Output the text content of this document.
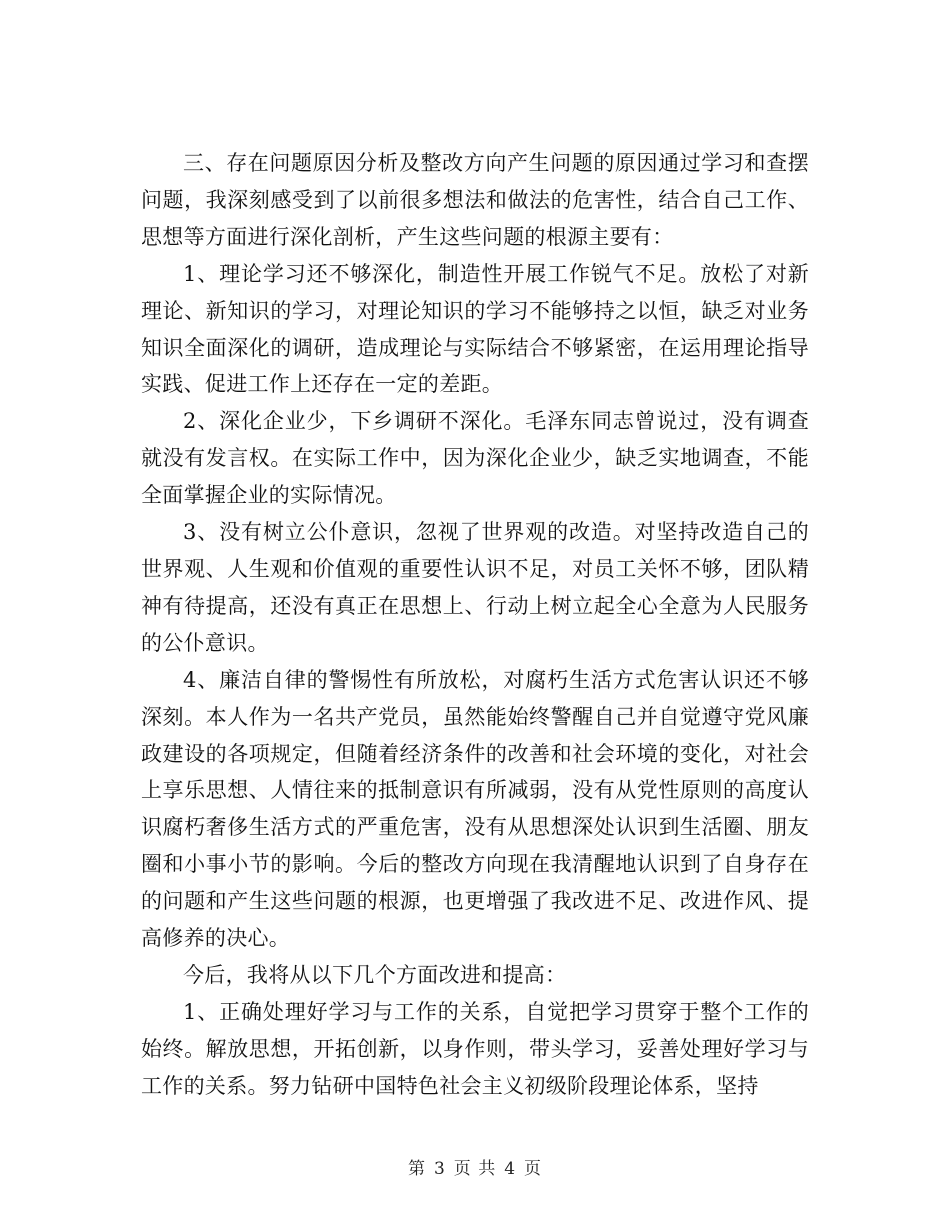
三、存在问题原因分析及整改方向产生问题的原因通过学习和查摆问题，我深刻感受到了以前很多想法和做法的危害性，结合自己工作、思想等方面进行深化剖析，产生这些问题的根源主要有：

1、理论学习还不够深化，制造性开展工作锐气不足。放松了对新理论、新知识的学习，对理论知识的学习不能够持之以恒，缺乏对业务知识全面深化的调研，造成理论与实际结合不够紧密，在运用理论指导实践、促进工作上还存在一定的差距。

2、深化企业少，下乡调研不深化。毛泽东同志曾说过，没有调查就没有发言权。在实际工作中，因为深化企业少，缺乏实地调查，不能全面掌握企业的实际情况。

3、没有树立公仆意识，忽视了世界观的改造。对坚持改造自己的世界观、人生观和价值观的重要性认识不足，对员工关怀不够，团队精神有待提高，还没有真正在思想上、行动上树立起全心全意为人民服务的公仆意识。

4、廉洁自律的警惕性有所放松，对腐朽生活方式危害认识还不够深刻。本人作为一名共产党员，虽然能始终警醒自己并自觉遵守党风廉政建设的各项规定，但随着经济条件的改善和社会环境的变化，对社会上享乐思想、人情往来的抵制意识有所减弱，没有从党性原则的高度认识腐朽奢侈生活方式的严重危害，没有从思想深处认识到生活圈、朋友圈和小事小节的影响。今后的整改方向现在我清醒地认识到了自身存在的问题和产生这些问题的根源，也更增强了我改进不足、改进作风、提高修养的决心。

今后，我将从以下几个方面改进和提高：

1、正确处理好学习与工作的关系，自觉把学习贯穿于整个工作的始终。解放思想，开拓创新，以身作则，带头学习，妥善处理好学习与工作的关系。努力钻研中国特色社会主义初级阶段理论体系，坚持

第 3 页 共 4 页
